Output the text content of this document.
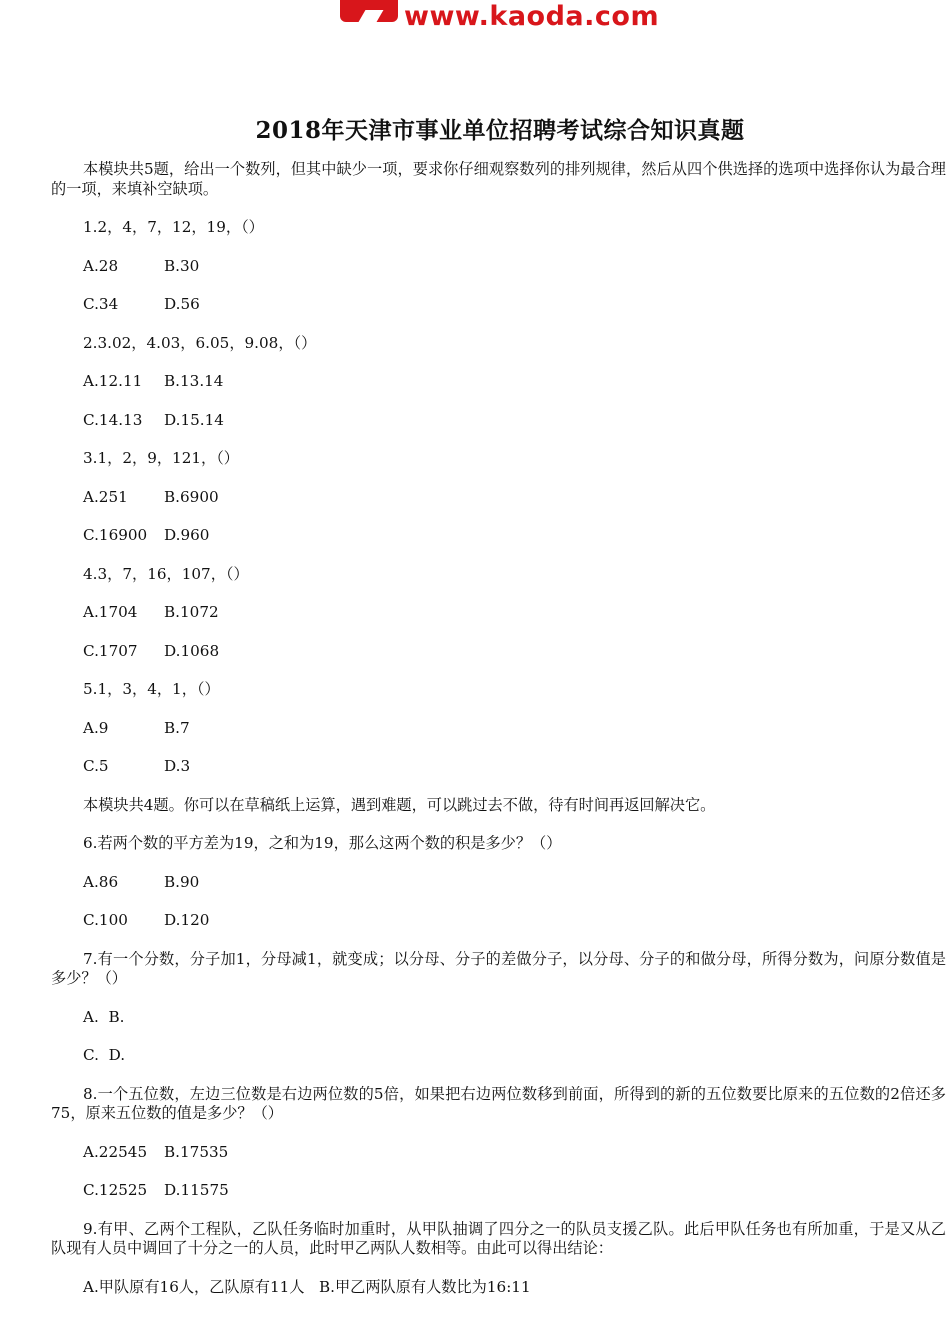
www.kaoda.com
2018年天津市事业单位招聘考试综合知识真题

本模块共5题，给出一个数列，但其中缺少一项，要求你仔细观察数列的排列规律，然后从四个供选择的选项中选择你认为最合理的一项，来填补空缺项。

1.2，4，7，12，19，（）

A.28	B.30

C.34	D.56

2.3.02，4.03，6.05，9.08，（）

A.12.11 B.13.14

C.14.13 D.15.14

3.1，2，9，121，（）

A.251 B.6900

C.16900 D.960

4.3，7，16，107，（）

A.1704 B.1072

C.1707 D.1068

5.1，3，4，1，（）

A.9	B.7

C.5	D.3

本模块共4题。你可以在草稿纸上运算，遇到难题，可以跳过去不做，待有时间再返回解决它。

6.若两个数的平方差为19，之和为19，那么这两个数的积是多少？（）

A.86	B.90

C.100 D.120

7.有一个分数，分子加1，分母减1，就变成；以分母、分子的差做分子，以分母、分子的和做分母，所得分数为，问原分数值是多少？（）

A. B.

C. D.

8.一个五位数，左边三位数是右边两位数的5倍，如果把右边两位数移到前面，所得到的新的五位数要比原来的五位数的2倍还多75，原来五位数的值是多少？（）

A.22545 B.17535

C.12525 D.11575

9.有甲、乙两个工程队，乙队任务临时加重时，从甲队抽调了四分之一的队员支援乙队。此后甲队任务也有所加重，于是又从乙队现有人员中调回了十分之一的人员，此时甲乙两队人数相等。由此可以得出结论：

A.甲队原有16人，乙队原有11人 B.甲乙两队原有人数比为16:11
